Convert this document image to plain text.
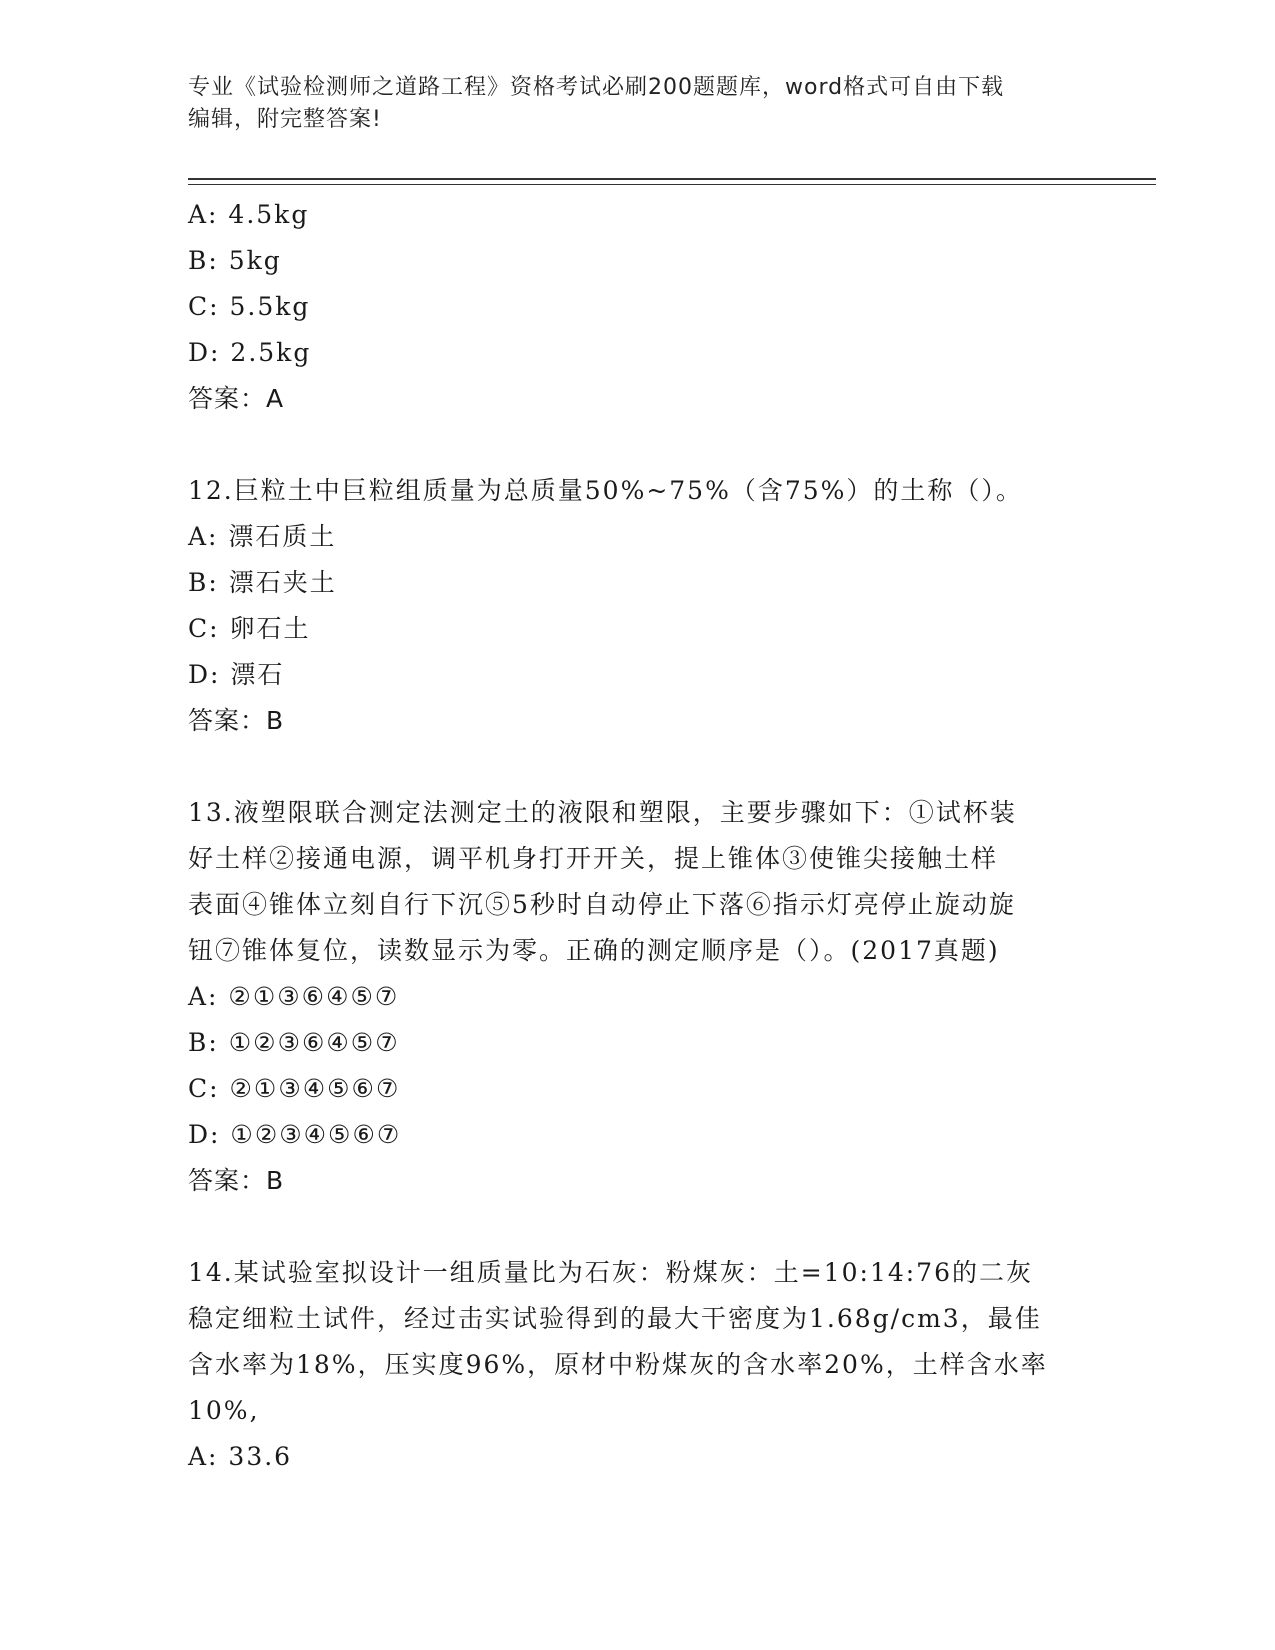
专业《试验检测师之道路工程》资格考试必刷200题题库，word格式可自由下载
编辑，附完整答案!
A: 4.5kg
B: 5kg
C: 5.5kg
D: 2.5kg
答案：A
12.巨粒土中巨粒组质量为总质量50%~75%（含75%）的土称（）。
A: 漂石质土
B: 漂石夹土
C: 卵石土
D: 漂石
答案：B
13.液塑限联合测定法测定土的液限和塑限，主要步骤如下：①试杯装
好土样②接通电源，调平机身打开开关，提上锥体③使锥尖接触土样
表面④锥体立刻自行下沉⑤5秒时自动停止下落⑥指示灯亮停止旋动旋
钮⑦锥体复位，读数显示为零。正确的测定顺序是（）。(2017真题)
A: ②①③⑥④⑤⑦
B: ①②③⑥④⑤⑦
C: ②①③④⑤⑥⑦
D: ①②③④⑤⑥⑦
答案：B
14.某试验室拟设计一组质量比为石灰：粉煤灰：土=10:14:76的二灰
稳定细粒土试件，经过击实试验得到的最大干密度为1.68g/cm3，最佳
含水率为18%，压实度96%，原材中粉煤灰的含水率20%，土样含水率
10%,
A: 33.6
